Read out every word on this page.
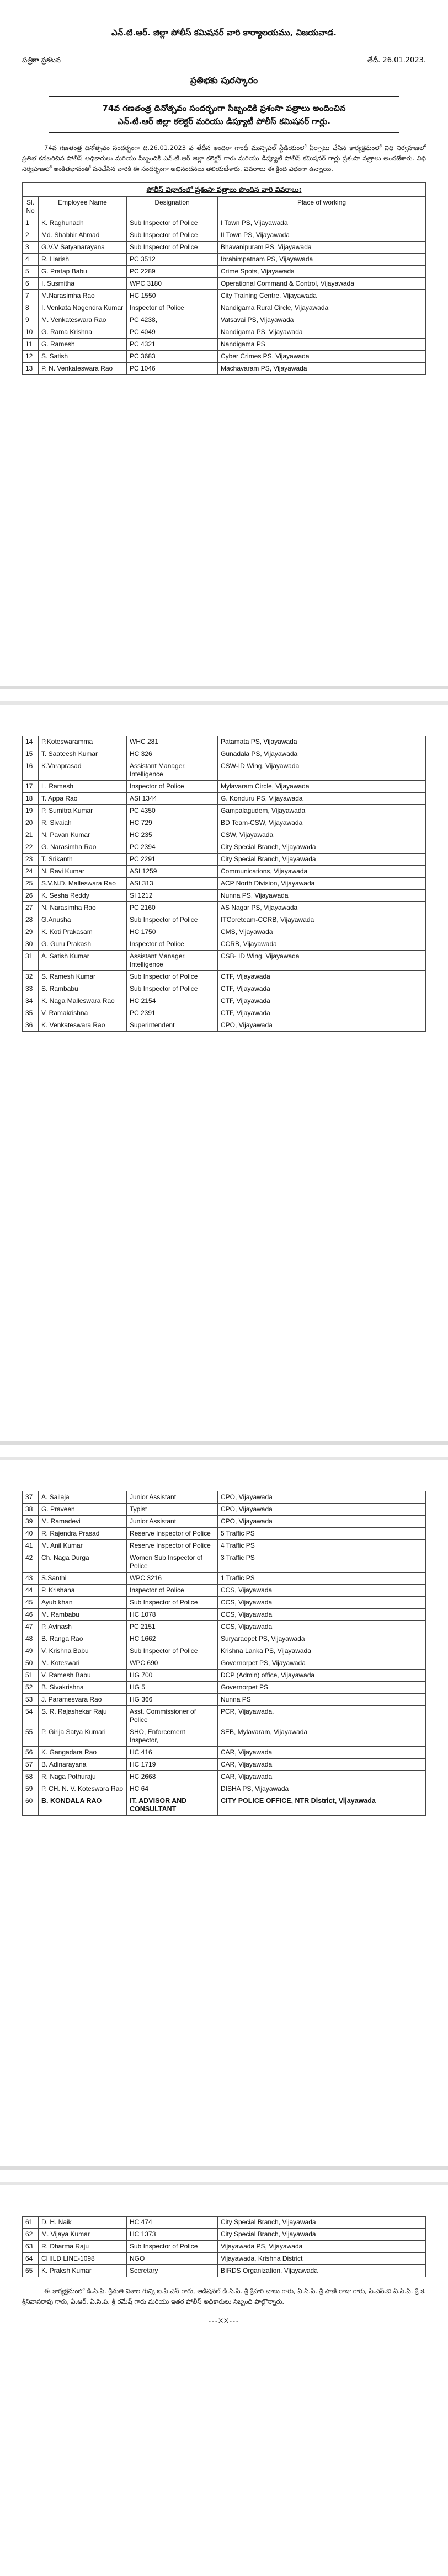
ఎన్.టి.ఆర్. జిల్లా పోలీస్ కమిషనర్ వారి కార్యాలయము, విజయవాడ.
పత్రికా ప్రకటన	తేదీ. 26.01.2023.
ప్రతిభకు పురస్కారం
74వ గణతంత్ర దినోత్సవం సందర్భంగా సిబ్బందికి ప్రశంసా పత్రాలు అందించిన
ఎన్.టి.ఆర్ జిల్లా కలెక్టర్ మరియు డిప్యూటీ పోలీస్ కమిషనర్ గార్లు.

74వ గణతంత్ర దినోత్సవం సందర్భంగా ది.26.01.2023 వ తేదీన ఇందిరా గాంధీ మున్సిపల్ స్టేడియంలో ఏర్పాటు చేసిన కార్యక్రమంలో విధి నిర్వహణలో ప్రతిభ కనబరిచిన పోలీస్ అధికారులు మరియు సిబ్బందికి ఎన్.టి.ఆర్ జిల్లా కలెక్టర్ గారు మరియు డిప్యూటీ పోలీస్ కమిషనర్ గార్లు ప్రశంసా పత్రాలు అందజేశారు. విధి నిర్వహణలో అంకితభావంతో పనిచేసిన వారికి ఈ సందర్భంగా అభినందనలు తెలియజేశారు. వివరాలు ఈ క్రింది విధంగా ఉన్నాయి.

పోలీస్ విభాగంలో ప్రశంసా పత్రాలు పొందిన వారి వివరాలు:			
Sl. No	Employee Name	Designation	Place of working
1	K. Raghunadh	Sub Inspector of Police	I Town PS, Vijayawada
2	Md. Shabbir Ahmad	Sub Inspector of Police	II Town PS, Vijayawada
3	G.V.V Satyanarayana	Sub Inspector of Police	Bhavanipuram PS, Vijayawada
4	R. Harish	PC 3512	Ibrahimpatnam PS, Vijayawada
5	G. Pratap Babu	PC 2289	Crime Spots, Vijayawada
6	I. Susmitha	WPC 3180	Operational Command & Control, Vijayawada
7	M.Narasimha Rao	HC 1550	City Training Centre, Vijayawada
8	I. Venkata Nagendra Kumar	Inspector of Police	Nandigama Rural Circle, Vijayawada
9	M. Venkateswara Rao	PC 4238,	Vatsavai PS, Vijayawada
10	G. Rama Krishna	PC 4049	Nandigama PS, Vijayawada
11	G. Ramesh	PC 4321	Nandigama PS
12	S. Satish	PC 3683	Cyber Crimes PS, Vijayawada
13	P. N. Venkateswara Rao	PC 1046	Machavaram PS, Vijayawada
14	P.Koteswaramma	WHC 281	Patamata PS, Vijayawada
15	T. Saateesh Kumar	HC 326	Gunadala PS, Vijayawada
16	K.Varaprasad	Assistant Manager, Intelligence	CSW-ID Wing, Vijayawada
17	L. Ramesh	Inspector of Police	Mylavaram Circle, Vijayawada
18	T. Appa Rao	ASI 1344	G. Konduru PS, Vijayawada
19	P. Sumitra Kumar	PC 4350	Gampalagudem, Vijayawada
20	R. Sivaiah	HC 729	BD Team-CSW, Vijayawada
21	N. Pavan Kumar	HC 235	CSW, Vijayawada
22	G. Narasimha Rao	PC 2394	City Special Branch, Vijayawada
23	T. Srikanth	PC 2291	City Special Branch, Vijayawada
24	N. Ravi Kumar	ASI 1259	Communications, Vijayawada
25	S.V.N.D. Malleswara Rao	ASI 313	ACP North Division, Vijayawada
26	K. Sesha Reddy	SI 1212	Nunna PS, Vijayawada
27	N. Narasimha Rao	PC 2160	AS Nagar PS, Vijayawada
28	G.Anusha	Sub Inspector of Police	ITCoreteam-CCRB, Vijayawada
29	K. Koti Prakasam	HC 1750	CMS, Vijayawada
30	G. Guru Prakash	Inspector of Police	CCRB, Vijayawada
31	A. Satish Kumar	Assistant Manager, Intelligence	CSB- ID Wing, Vijayawada
32	S. Ramesh Kumar	Sub Inspector of Police	CTF, Vijayawada
33	S. Rambabu	Sub Inspector of Police	CTF, Vijayawada
34	K. Naga Malleswara Rao	HC 2154	CTF, Vijayawada
35	V. Ramakrishna	PC 2391	CTF, Vijayawada
36	K. Venkateswara Rao	Superintendent	CPO, Vijayawada
37	A. Sailaja	Junior Assistant	CPO, Vijayawada
38	G. Praveen	Typist	CPO, Vijayawada
39	M. Ramadevi	Junior Assistant	CPO, Vijayawada
40	R. Rajendra Prasad	Reserve Inspector of Police	5 Traffic PS
41	M. Anil Kumar	Reserve Inspector of Police	4 Traffic PS
42	Ch. Naga Durga	Women Sub Inspector of Police	3 Traffic PS
43	S.Santhi	WPC 3216	1 Traffic PS
44	P. Krishana	Inspector of Police	CCS, Vijayawada
45	Ayub khan	Sub Inspector of Police	CCS, Vijayawada
46	M. Rambabu	HC 1078	CCS, Vijayawada
47	P. Avinash	PC 2151	CCS, Vijayawada
48	B. Ranga Rao	HC 1662	Suryaraopet PS, Vijayawada
49	V. Krishna Babu	Sub Inspector of Police	Krishna Lanka PS, Vijayawada
50	M. Koteswari	WPC 690	Governorpet PS, Vijayawada
51	V. Ramesh Babu	HG 700	DCP (Admin) office, Vijayawada
52	B. Sivakrishna	HG 5	Governorpet PS
53	J. Paramesvara Rao	HG 366	Nunna PS
54	S. R. Rajashekar Raju	Asst. Commissioner of Police	PCR, Vijayawada.
55	P. Girija Satya Kumari	SHO, Enforcement Inspector,	SEB, Mylavaram, Vijayawada
56	K. Gangadara Rao	HC 416	CAR, Vijayawada
57	B. Adinarayana	HC 1719	CAR, Vijayawada
58	R. Naga Pothuraju	HC 2668	CAR, Vijayawada
59	P. CH. N. V. Koteswara Rao	HC 64	DISHA PS, Vijayawada
60	B. KONDALA RAO	IT. ADVISOR AND CONSULTANT	CITY POLICE OFFICE, NTR District, Vijayawada
61	D. H. Naik	HC 474	City Special Branch, Vijayawada
62	M. Vijaya Kumar	HC 1373	City Special Branch, Vijayawada
63	R. Dharma Raju	Sub Inspector of Police	Vijayawada PS, Vijayawada
64	CHILD LINE-1098	NGO	Vijayawada, Krishna District
65	K. Praksh Kumar	Secretary	BIRDS Organization, Vijayawada

ఈ కార్యక్రమంలో డి.సి.పి. శ్రీమతి విశాల గున్ని ఐ.పి.ఎస్ గారు, అడిషనల్ డి.సి.పి. శ్రీ శ్రీహరి బాబు గారు, ఏ.సి.పి. శ్రీ పాణి రాజు గారు, సి.ఎస్.బి ఏ.సి.పి. శ్రీ కె. శ్రీనివాసరావు గారు, ఏ.ఆర్. ఏ.సి.పి. శ్రీ రమేష్ గారు మరియు ఇతర పోలీస్ అధికారులు సిబ్బంది పాల్గొన్నారు.

---XX---
